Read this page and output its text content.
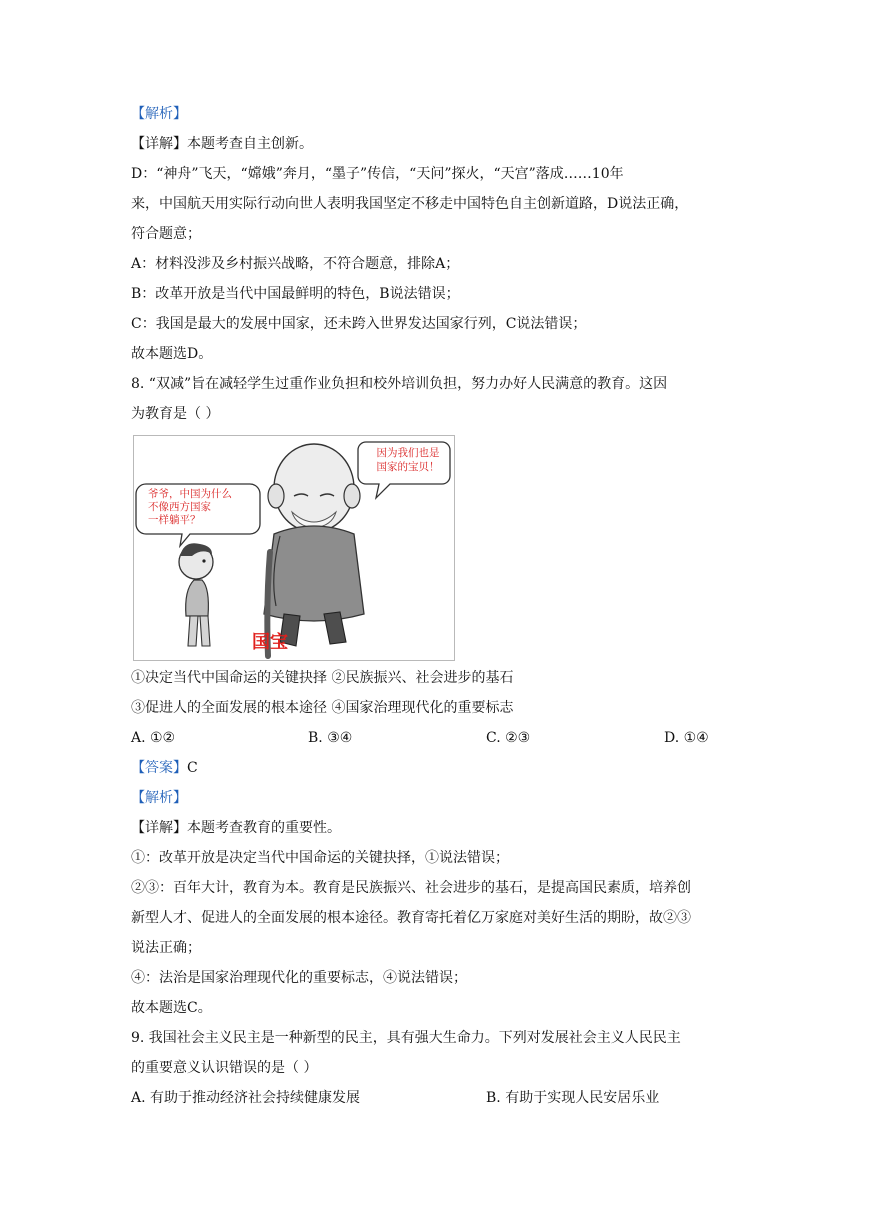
【解析】
【详解】本题考查自主创新。
D：“神舟”飞天，“嫦娥”奔月，“墨子”传信，“天问”探火，“天宫”落成……10年
来，中国航天用实际行动向世人表明我国坚定不移走中国特色自主创新道路，D说法正确，
符合题意；
A：材料没涉及乡村振兴战略，不符合题意，排除A；
B：改革开放是当代中国最鲜明的特色，B说法错误；
C：我国是最大的发展中国家，还未跨入世界发达国家行列，C说法错误；
故本题选D。
8. “双减”旨在减轻学生过重作业负担和校外培训负担，努力办好人民满意的教育。这因
为教育是（ ）
因为我们也是
国家的宝贝！
爷爷，中国为什么
不像西方国家
一样躺平？
国宝
①决定当代中国命运的关键抉择 ②民族振兴、社会进步的基石
③促进人的全面发展的根本途径 ④国家治理现代化的重要标志
A. ①②	B. ③④	C. ②③	D. ①④
【答案】C
【解析】
【详解】本题考查教育的重要性。
①：改革开放是决定当代中国命运的关键抉择，①说法错误；
②③：百年大计，教育为本。教育是民族振兴、社会进步的基石，是提高国民素质，培养创
新型人才、促进人的全面发展的根本途径。教育寄托着亿万家庭对美好生活的期盼，故②③
说法正确；
④：法治是国家治理现代化的重要标志，④说法错误；
故本题选C。
9. 我国社会主义民主是一种新型的民主，具有强大生命力。下列对发展社会主义人民民主
的重要意义认识错误的是（ ）
A. 有助于推动经济社会持续健康发展	B. 有助于实现人民安居乐业
